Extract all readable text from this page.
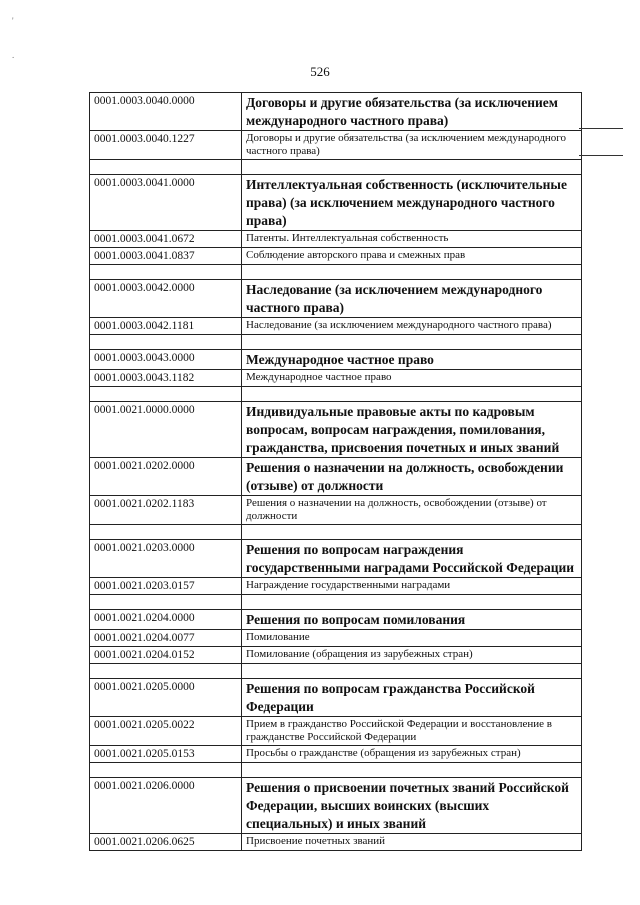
'
.
526
0001.0003.0040.0000	Договоры и другие обязательства (за исключением международного частного права)
0001.0003.0040.1227	Договоры и другие обязательства (за исключением международного частного права)

0001.0003.0041.0000	Интеллектуальная собственность (исключительные права) (за исключением международного частного права)
0001.0003.0041.0672	Патенты. Интеллектуальная собственность
0001.0003.0041.0837	Соблюдение авторского права и смежных прав

0001.0003.0042.0000	Наследование (за исключением международного частного права)
0001.0003.0042.1181	Наследование (за исключением международного частного права)

0001.0003.0043.0000	Международное частное право
0001.0003.0043.1182	Международное частное право

0001.0021.0000.0000	Индивидуальные правовые акты по кадровым вопросам, вопросам награждения, помилования, гражданства, присвоения почетных и иных званий
0001.0021.0202.0000	Решения о назначении на должность, освобождении (отзыве) от должности
0001.0021.0202.1183	Решения о назначении на должность, освобождении (отзыве) от должности

0001.0021.0203.0000	Решения по вопросам награждения государственными наградами Российской Федерации
0001.0021.0203.0157	Награждение государственными наградами

0001.0021.0204.0000	Решения по вопросам помилования
0001.0021.0204.0077	Помилование
0001.0021.0204.0152	Помилование (обращения из зарубежных стран)

0001.0021.0205.0000	Решения по вопросам гражданства Российской Федерации
0001.0021.0205.0022	Прием в гражданство Российской Федерации и восстановление в гражданстве Российской Федерации
0001.0021.0205.0153	Просьбы о гражданстве (обращения из зарубежных стран)

0001.0021.0206.0000	Решения о присвоении почетных званий Российской Федерации, высших воинских (высших специальных) и иных званий
0001.0021.0206.0625	Присвоение почетных званий
